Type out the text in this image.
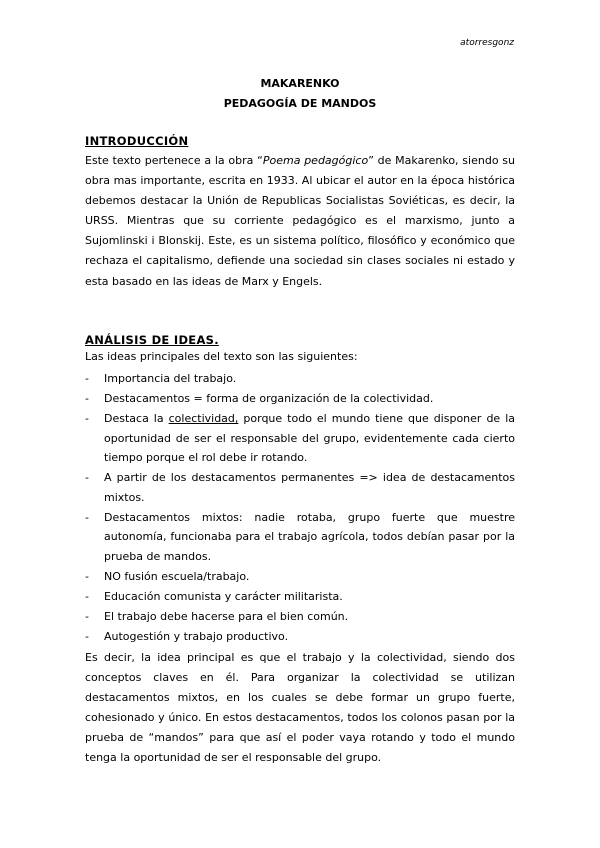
atorresgonz
MAKARENKO
PEDAGOGÍA DE MANDOS
INTRODUCCIÓN
Este texto pertenece a la obra “Poema pedagógico” de Makarenko, siendo su obra mas importante, escrita en 1933. Al ubicar el autor en la época histórica debemos destacar la Unión de Republicas Socialistas Soviéticas, es decir, la URSS. Mientras que su corriente pedagógico es el marxismo, junto a Sujomlinski i Blonskij. Este, es un sistema político, filosófico y económico que rechaza el capitalismo, defiende una sociedad sin clases sociales ni estado y esta basado en las ideas de Marx y Engels.
ANÁLISIS DE IDEAS.
Las ideas principales del texto son las siguientes:
- Importancia del trabajo.
- Destacamentos = forma de organización de la colectividad.
- Destaca la colectividad, porque todo el mundo tiene que disponer de la oportunidad de ser el responsable del grupo, evidentemente cada cierto tiempo porque el rol debe ir rotando.
- A partir de los destacamentos permanentes => idea de destacamentos mixtos.
- Destacamentos mixtos: nadie rotaba, grupo fuerte que muestre autonomía, funcionaba para el trabajo agrícola, todos debían pasar por la prueba de mandos.
- NO fusión escuela/trabajo.
- Educación comunista y carácter militarista.
- El trabajo debe hacerse para el bien común.
- Autogestión y trabajo productivo.
Es decir, la idea principal es que el trabajo y la colectividad, siendo dos conceptos claves en él. Para organizar la colectividad se utilizan destacamentos mixtos, en los cuales se debe formar un grupo fuerte, cohesionado y único. En estos destacamentos, todos los colonos pasan por la prueba de “mandos” para que así el poder vaya rotando y todo el mundo tenga la oportunidad de ser el responsable del grupo.
